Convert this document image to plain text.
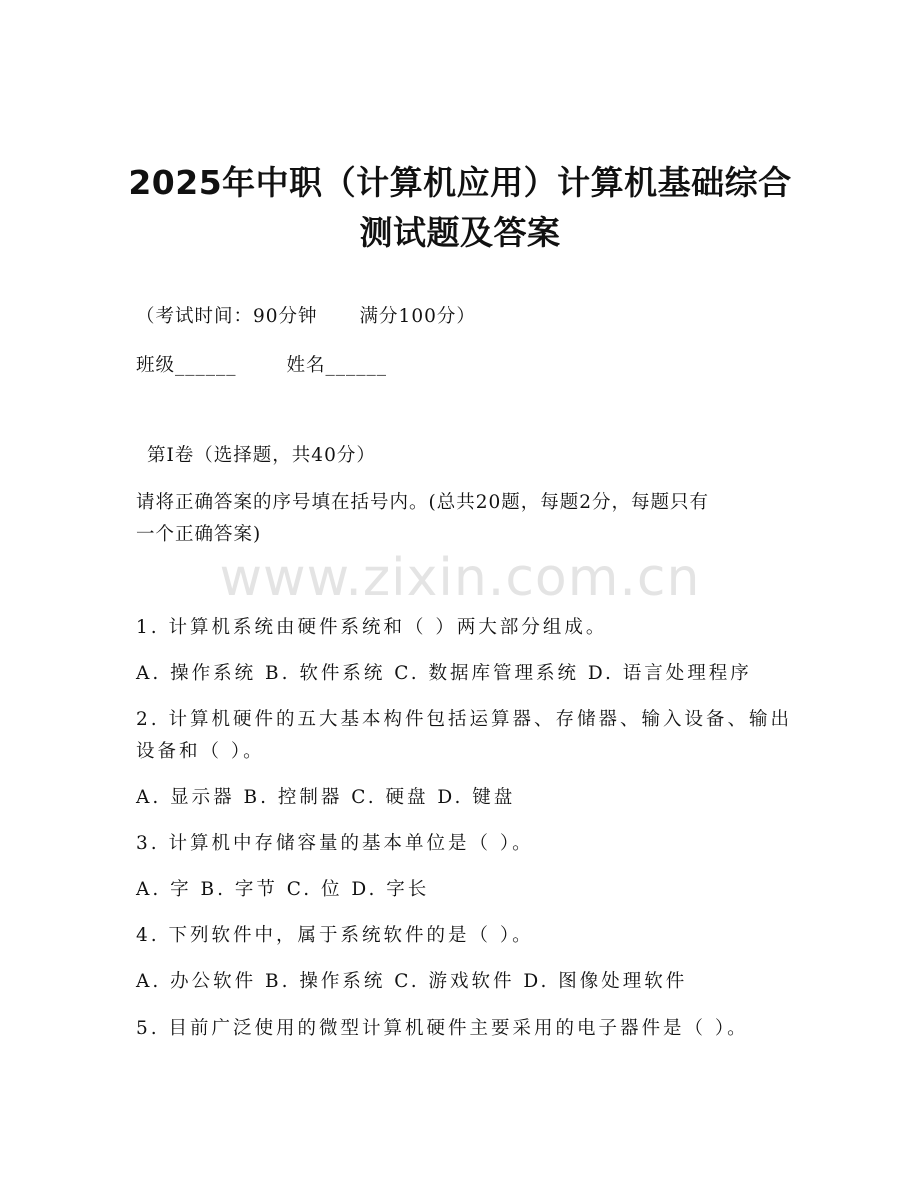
2025年中职（计算机应用）计算机基础综合
测试题及答案
（考试时间：90分钟 满分100分）
班级______	姓名______
第Ⅰ卷（选择题，共40分）
请将正确答案的序号填在括号内。(总共20题，每题2分，每题只有
一个正确答案)
www.zixin.com.cn
1. 计算机系统由硬件系统和（ ）两大部分组成。
A. 操作系统 B. 软件系统 C. 数据库管理系统 D. 语言处理程序
2. 计算机硬件的五大基本构件包括运算器、存储器、输入设备、输出
设备和（ ）。
A. 显示器 B. 控制器 C. 硬盘 D. 键盘
3. 计算机中存储容量的基本单位是（ ）。
A. 字 B. 字节 C. 位 D. 字长
4. 下列软件中，属于系统软件的是（ ）。
A. 办公软件 B. 操作系统 C. 游戏软件 D. 图像处理软件
5. 目前广泛使用的微型计算机硬件主要采用的电子器件是（ ）。
